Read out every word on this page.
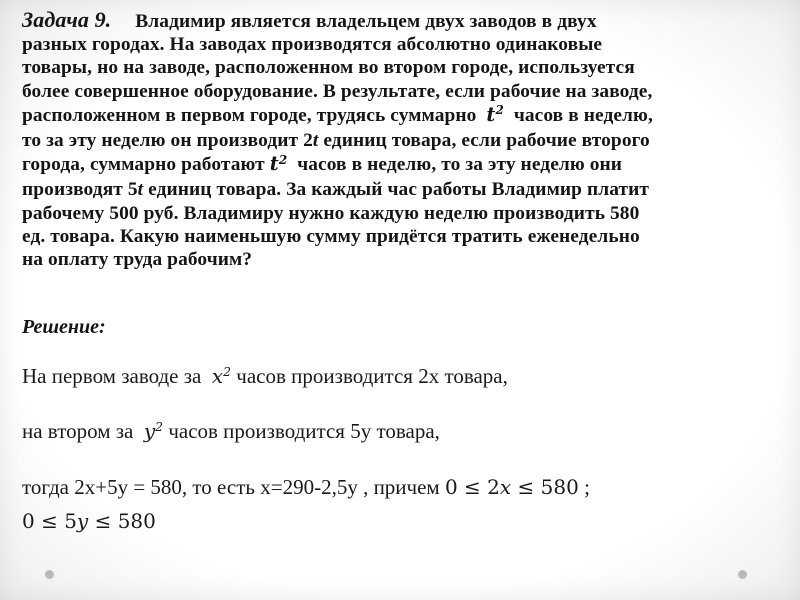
Задача 9. Владимир является владельцем двух заводов в двух
разных городах. На заводах производятся абсолютно одинаковые
товары, но на заводе, расположенном во втором городе, используется
более совершенное оборудование. В результате, если рабочие на заводе,
расположенном в первом городе, трудясь суммарно $t^2$ часов в неделю,
то за эту неделю он производит 2t единиц товара, если рабочие второго
города, суммарно работают $t^2$ часов в неделю, то за эту неделю они
производят 5t единиц товара. За каждый час работы Владимир платит
рабочему 500 руб. Владимиру нужно каждую неделю производить 580
ед. товара. Какую наименьшую сумму придётся тратить еженедельно
на оплату труда рабочим?
Решение:
На первом заводе за $x^2$ часов производится 2х товара,
на втором за $y^2$ часов производится 5у товара,
тогда 2х+5у = 580, то есть х=290-2,5у , причем 0 ≤ 2x ≤ 580 ;
0 ≤ 5y ≤ 580
